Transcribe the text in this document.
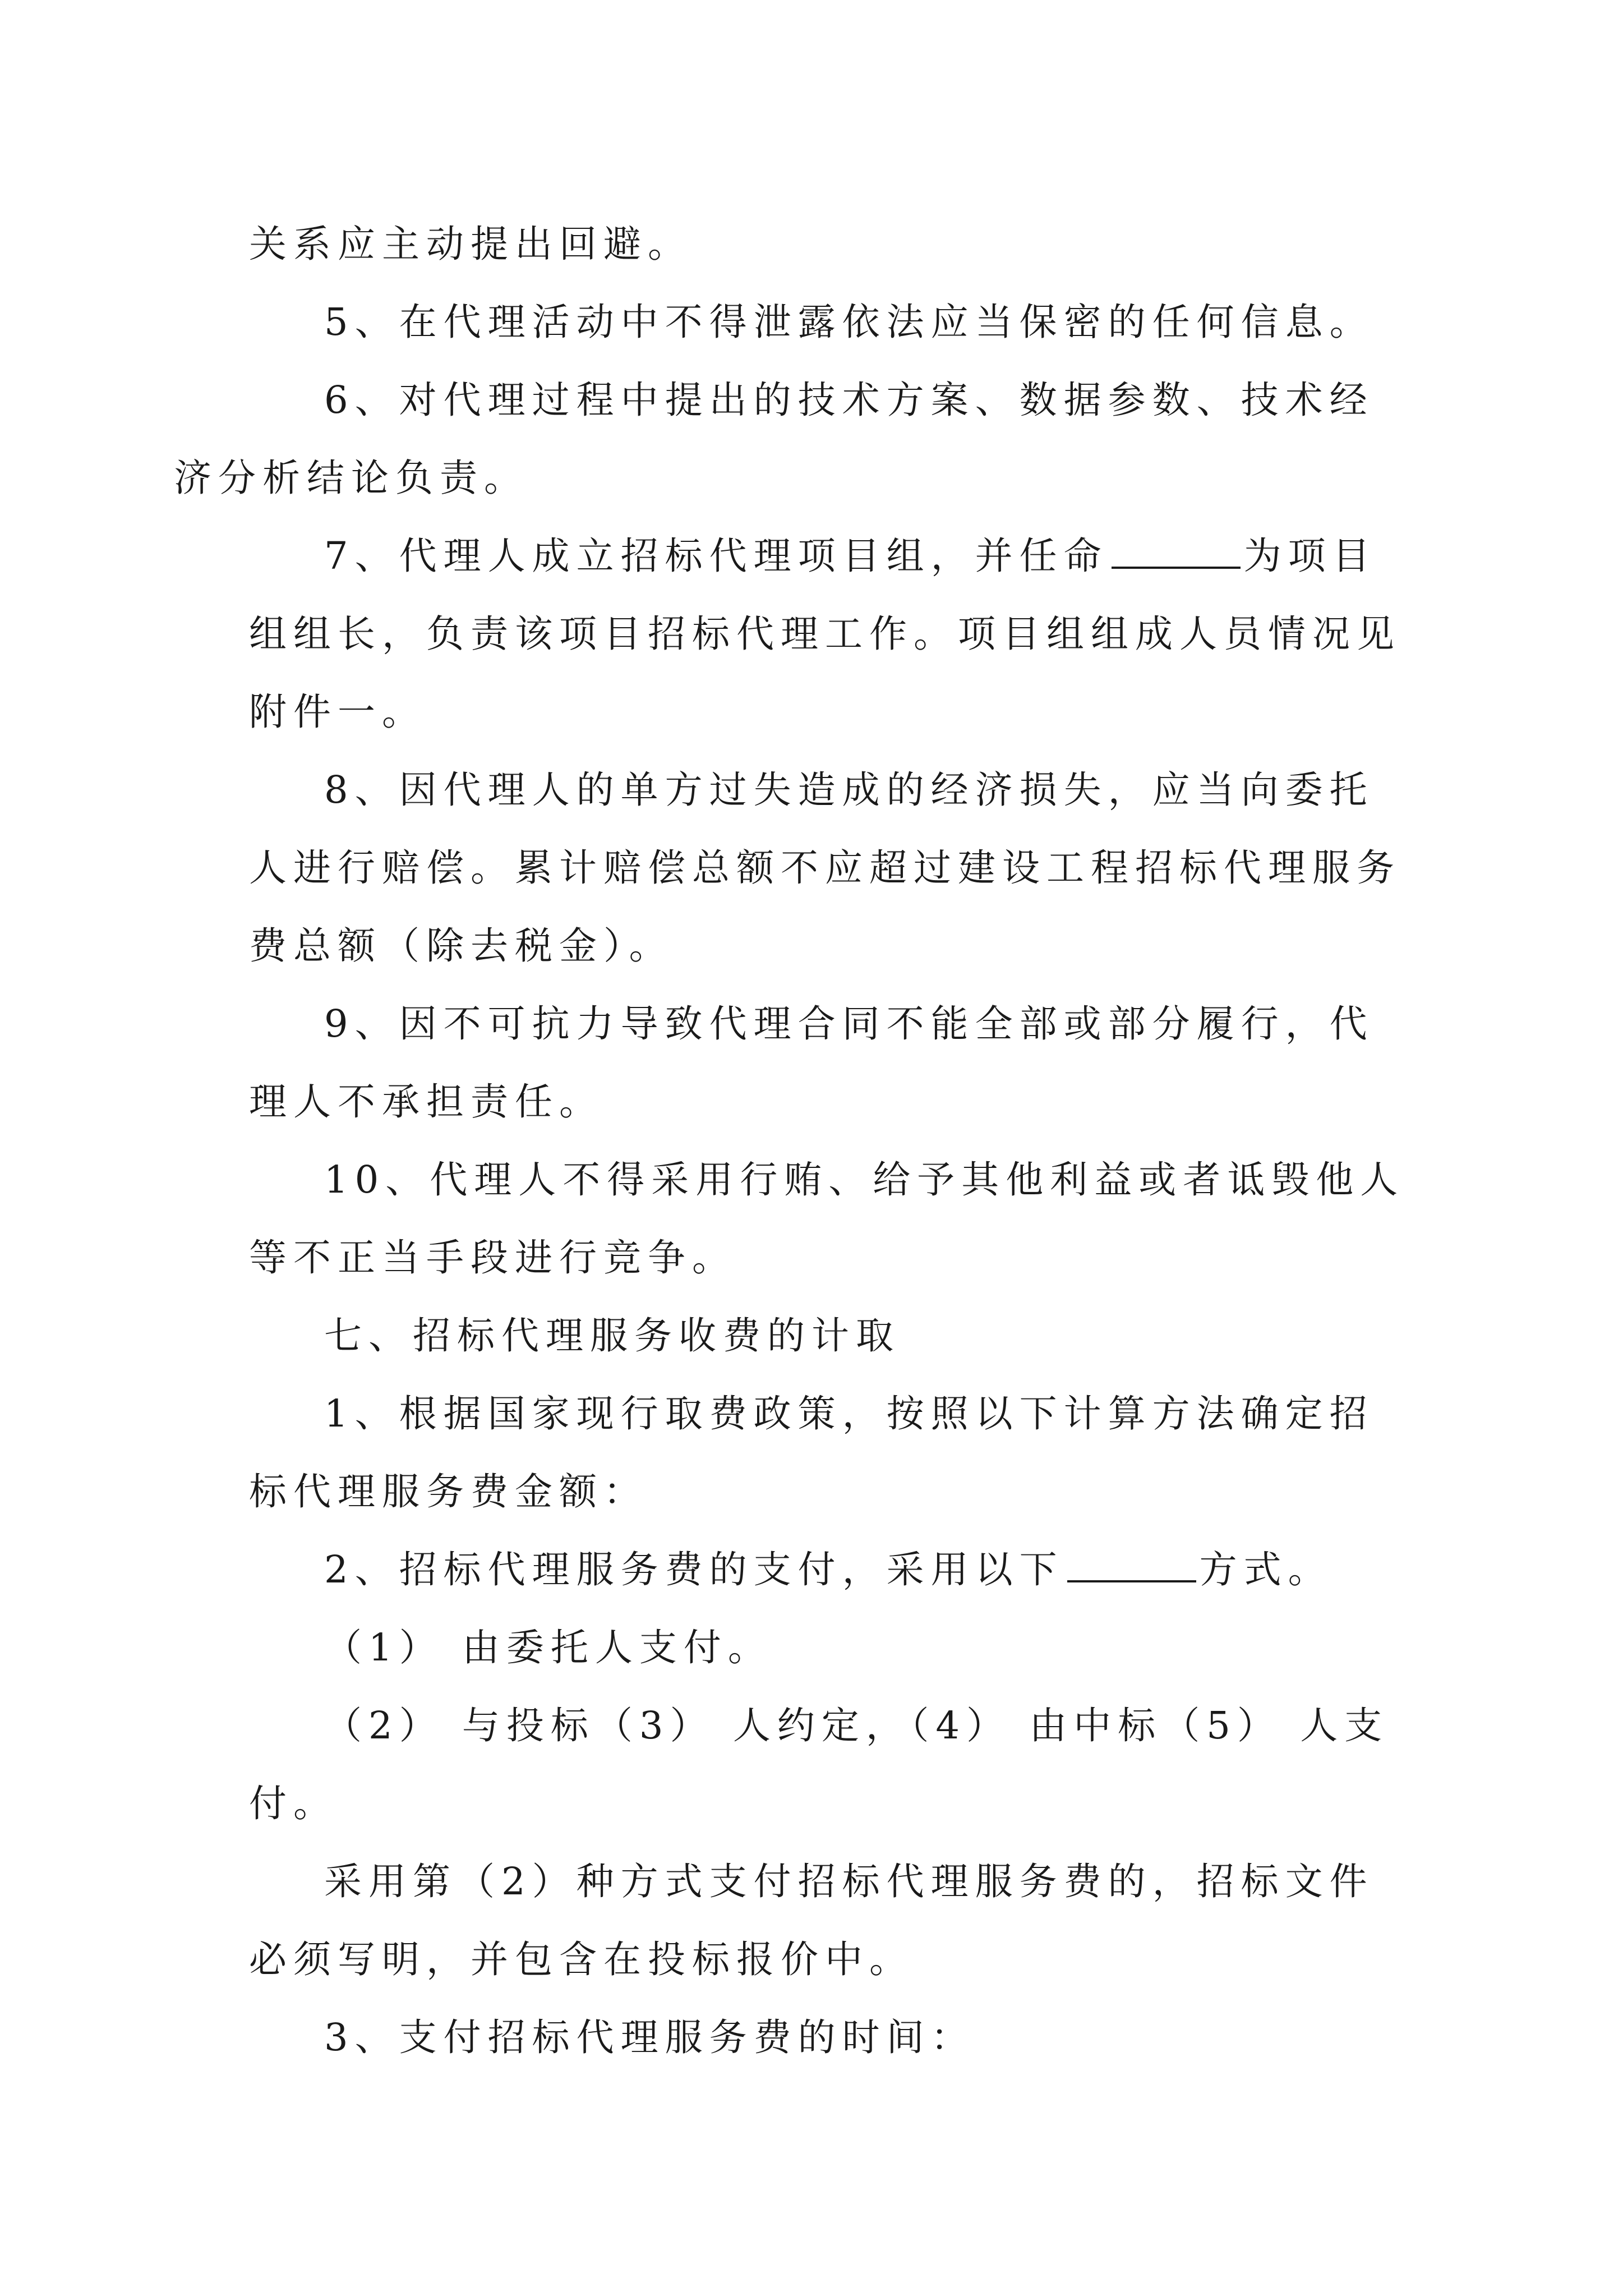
关系应主动提出回避。

5、在代理活动中不得泄露依法应当保密的任何信息。

6、对代理过程中提出的技术方案、数据参数、技术经
济分析结论负责。

7、代理人成立招标代理项目组，并任命	为项目
组组长，负责该项目招标代理工作。项目组组成人员情况见
附件一。

8、因代理人的单方过失造成的经济损失，应当向委托
人进行赔偿。累计赔偿总额不应超过建设工程招标代理服务
费总额（除去税金）。

9、因不可抗力导致代理合同不能全部或部分履行，代
理人不承担责任。

10、代理人不得采用行贿、给予其他利益或者诋毁他人
等不正当手段进行竞争。

七、招标代理服务收费的计取

1、根据国家现行取费政策，按照以下计算方法确定招
标代理服务费金额：

2、招标代理服务费的支付，采用以下	方式。

（1） 由委托人支付。

（2） 与投标（3） 人约定，（4） 由中标（5） 人支
付。

采用第（2）种方式支付招标代理服务费的，招标文件
必须写明，并包含在投标报价中。

3、支付招标代理服务费的时间：
